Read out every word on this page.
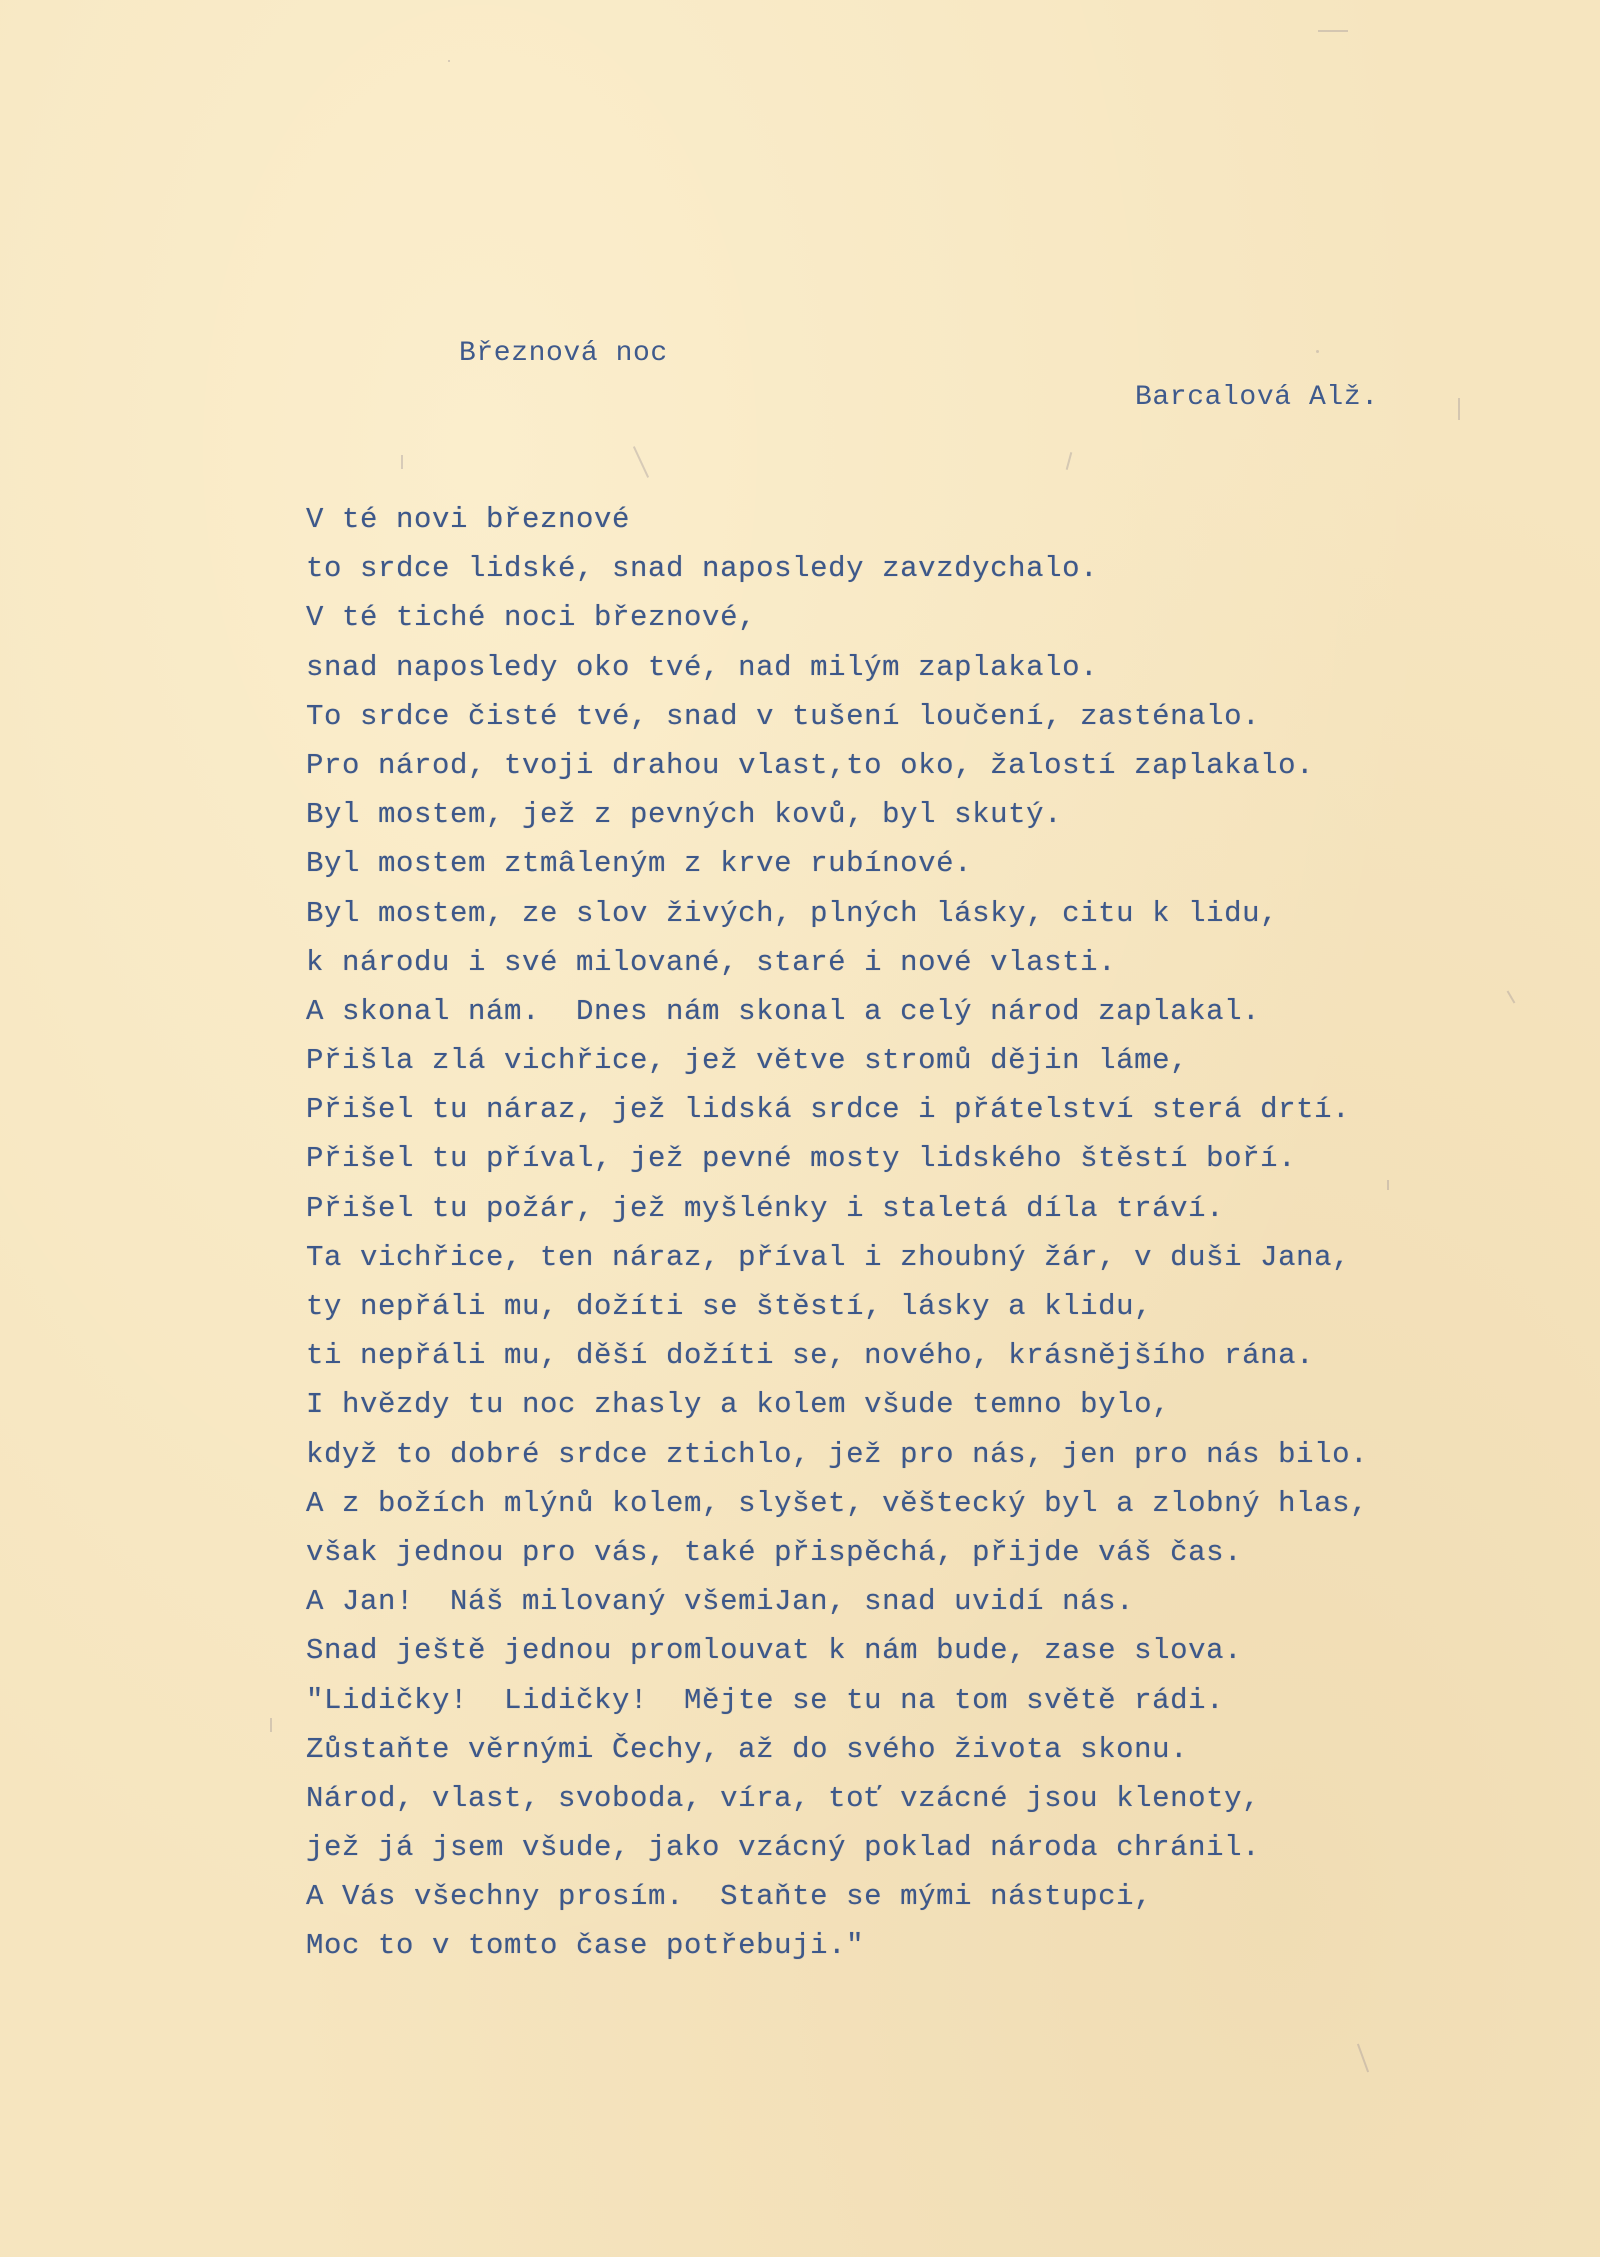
Březnová noc

Barcalová Alž.

V té novi březnové
to srdce lidské, snad naposledy zavzdychalo.
V té tiché noci březnové,
snad naposledy oko tvé, nad milým zaplakalo.
To srdce čisté tvé, snad v tušení loučení, zasténalo.
Pro národ, tvoji drahou vlast,to oko, žalostí zaplakalo.
Byl mostem, jež z pevných kovů, byl skutý.
Byl mostem ztmâleným z krve rubínové.
Byl mostem, ze slov živých, plných lásky, citu k lidu,
k národu i své milované, staré i nové vlasti.
A skonal nám.  Dnes nám skonal a celý národ zaplakal.
Přišla zlá vichřice, jež větve stromů dějin láme,
Přišel tu náraz, jež lidská srdce i přátelství sterá drtí.
Přišel tu příval, jež pevné mosty lidského štěstí boří.
Přišel tu požár, jež myšlénky i staletá díla tráví.
Ta vichřice, ten náraz, příval i zhoubný žár, v duši Jana,
ty nepřáli mu, dožíti se štěstí, lásky a klidu,
ti nepřáli mu, děší dožíti se, nového, krásnějšího rána.
I hvězdy tu noc zhasly a kolem všude temno bylo,
když to dobré srdce ztichlo, jež pro nás, jen pro nás bilo.
A z božích mlýnů kolem, slyšet, věštecký byl a zlobný hlas,
však jednou pro vás, také přispěchá, přijde váš čas.
A Jan!  Náš milovaný všemiJan, snad uvidí nás.
Snad ještě jednou promlouvat k nám bude, zase slova.
"Lidičky!  Lidičky!  Mějte se tu na tom světě rádi.
Zůstaňte věrnými Čechy, až do svého života skonu.
Národ, vlast, svoboda, víra, toť vzácné jsou klenoty,
jež já jsem všude, jako vzácný poklad národa chránil.
A Vás všechny prosím.  Staňte se mými nástupci,
Moc to v tomto čase potřebuji."
